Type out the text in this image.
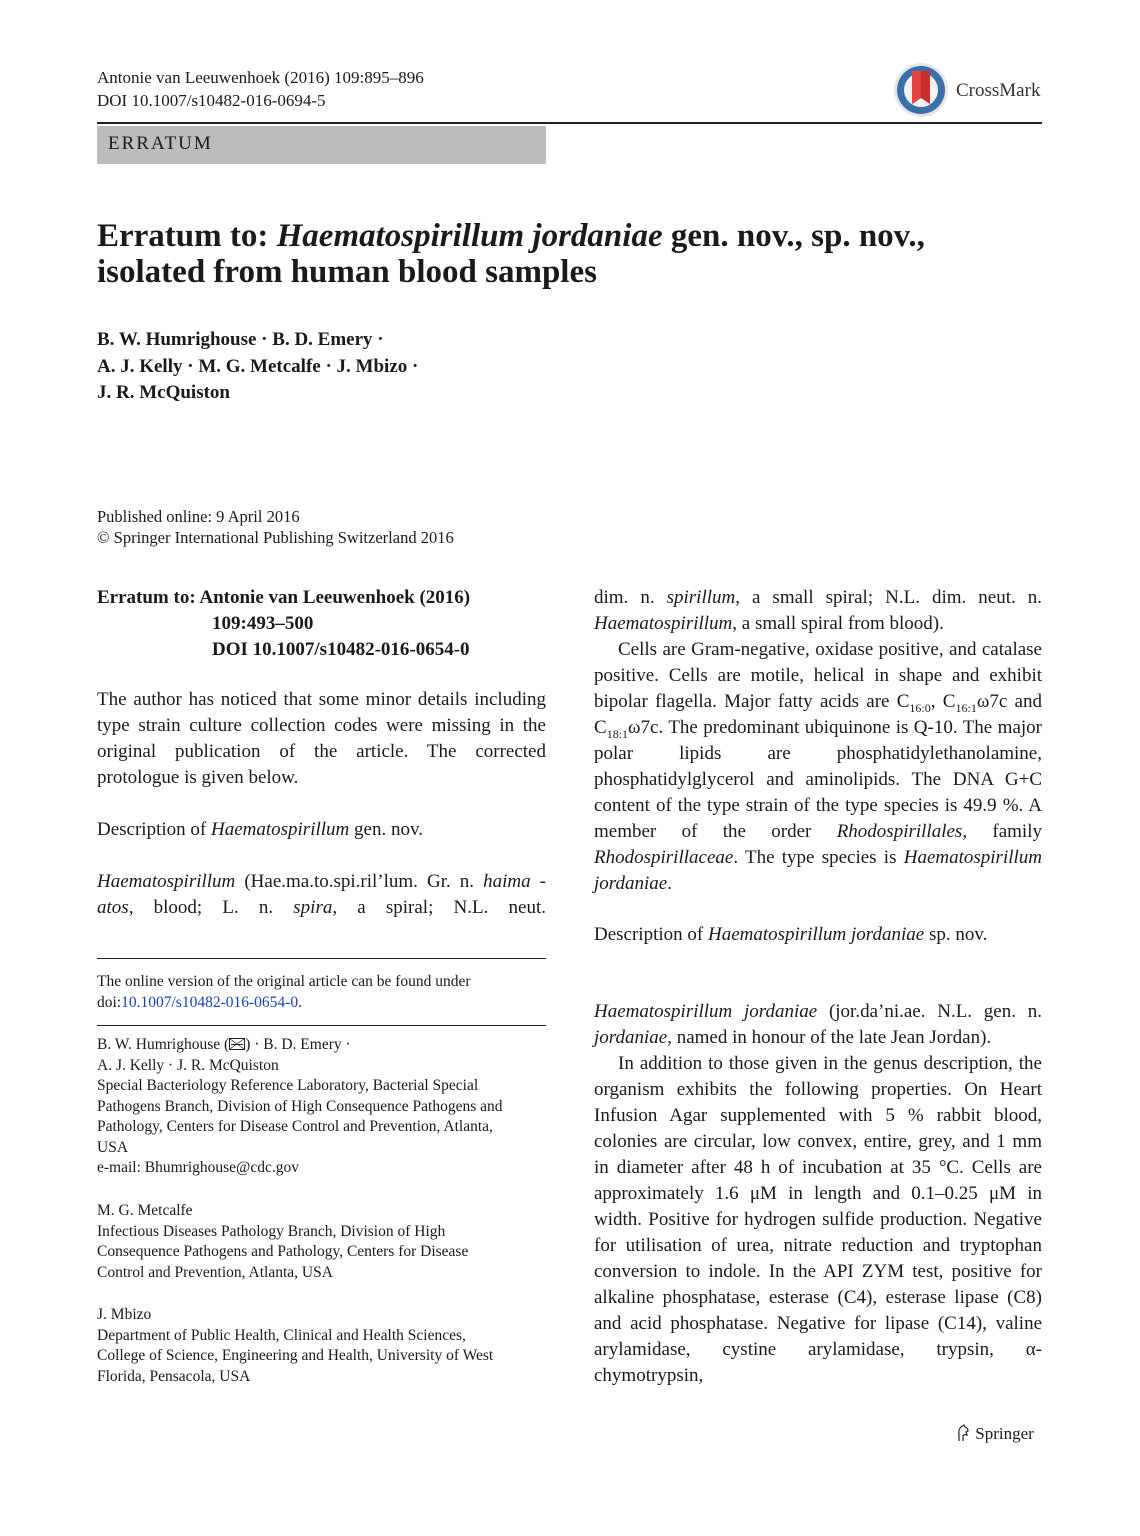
Antonie van Leeuwenhoek (2016) 109:895–896
DOI 10.1007/s10482-016-0694-5	CrossMark
ERRATUM
Erratum to: Haematospirillum jordaniae gen. nov., sp. nov.,
isolated from human blood samples
B. W. Humrighouse · B. D. Emery ·
A. J. Kelly · M. G. Metcalfe · J. Mbizo ·
J. R. McQuiston
Published online: 9 April 2016
© Springer International Publishing Switzerland 2016
Erratum to: Antonie van Leeuwenhoek (2016)
109:493–500
DOI 10.1007/s10482-016-0654-0

The author has noticed that some minor details including type strain culture collection codes were missing in the original publication of the article. The corrected protologue is given below.

Description of Haematospirillum gen. nov.

Haematospirillum (Hae.ma.to.spi.ril’lum. Gr. n. haima -atos, blood; L. n. spira, a spiral; N.L. neut.

The online version of the original article can be found under doi:10.1007/s10482-016-0654-0.

B. W. Humrighouse ( ) · B. D. Emery ·
A. J. Kelly · J. R. McQuiston
Special Bacteriology Reference Laboratory, Bacterial Special Pathogens Branch, Division of High Consequence Pathogens and Pathology, Centers for Disease Control and Prevention, Atlanta, USA
e-mail: Bhumrighouse@cdc.gov
M. G. Metcalfe
Infectious Diseases Pathology Branch, Division of High Consequence Pathogens and Pathology, Centers for Disease Control and Prevention, Atlanta, USA
J. Mbizo
Department of Public Health, Clinical and Health Sciences, College of Science, Engineering and Health, University of West Florida, Pensacola, USA

dim. n. spirillum, a small spiral; N.L. dim. neut. n. Haematospirillum, a small spiral from blood).

Cells are Gram-negative, oxidase positive, and catalase positive. Cells are motile, helical in shape and exhibit bipolar flagella. Major fatty acids are $C_{16:0}$, $C_{16:1}\omega 7c$ and $C_{18:1}\omega 7c$. The predominant ubiquinone is Q-10. The major polar lipids are phosphatidylethanolamine, phosphatidylglycerol and aminolipids. The DNA G+C content of the type strain of the type species is 49.9 %. A member of the order Rhodospirillales, family Rhodospirillaceae. The type species is Haematospirillum jordaniae.

Description of Haematospirillum jordaniae sp. nov.

Haematospirillum jordaniae (jor.da’ni.ae. N.L. gen. n. jordaniae, named in honour of the late Jean Jordan).

In addition to those given in the genus description, the organism exhibits the following properties. On Heart Infusion Agar supplemented with 5 % rabbit blood, colonies are circular, low convex, entire, grey, and 1 mm in diameter after 48 h of incubation at 35 °C. Cells are approximately 1.6 μM in length and 0.1–0.25 μM in width. Positive for hydrogen sulfide production. Negative for utilisation of urea, nitrate reduction and tryptophan conversion to indole. In the API ZYM test, positive for alkaline phosphatase, esterase (C4), esterase lipase (C8) and acid phosphatase. Negative for lipase (C14), valine arylamidase, cystine arylamidase, trypsin, α-chymotrypsin,

Springer
